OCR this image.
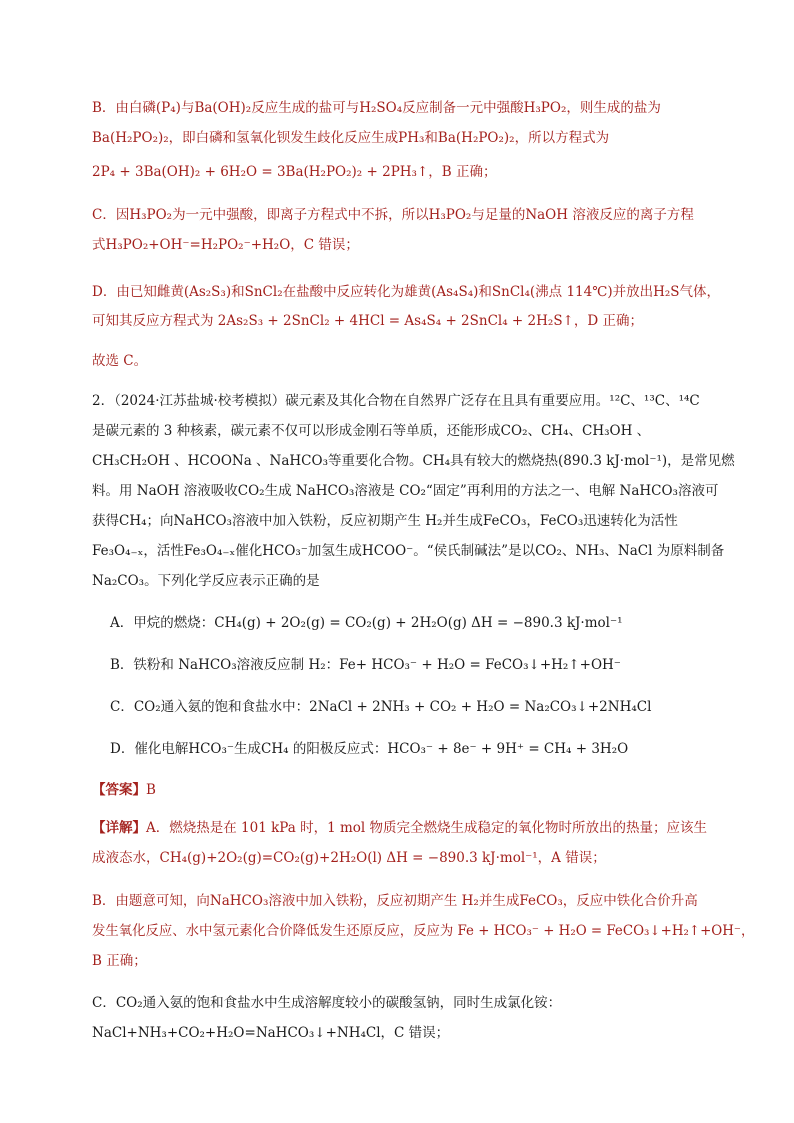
B．由白磷(P₄)与Ba(OH)₂反应生成的盐可与H₂SO₄反应制备一元中强酸H₃PO₂，则生成的盐为
Ba(H₂PO₂)₂，即白磷和氢氧化钡发生歧化反应生成PH₃和Ba(H₂PO₂)₂，所以方程式为
2P₄ + 3Ba(OH)₂ + 6H₂O = 3Ba(H₂PO₂)₂ + 2PH₃↑，B 正确；
C．因H₃PO₂为一元中强酸，即离子方程式中不拆，所以H₃PO₂与足量的NaOH 溶液反应的离子方程
式H₃PO₂+OH⁻=H₂PO₂⁻+H₂O，C 错误；
D．由已知雌黄(As₂S₃)和SnCl₂在盐酸中反应转化为雄黄(As₄S₄)和SnCl₄(沸点 114℃)并放出H₂S气体，
可知其反应方程式为 2As₂S₃ + 2SnCl₂ + 4HCl = As₄S₄ + 2SnCl₄ + 2H₂S↑，D 正确；
故选 C。
2．（2024·江苏盐城·校考模拟）碳元素及其化合物在自然界广泛存在且具有重要应用。¹²C、¹³C、¹⁴C
是碳元素的 3 种核素，碳元素不仅可以形成金刚石等单质，还能形成CO₂、CH₄、CH₃OH 、
CH₃CH₂OH 、HCOONa 、NaHCO₃等重要化合物。CH₄具有较大的燃烧热(890.3 kJ·mol⁻¹)，是常见燃
料。用 NaOH 溶液吸收CO₂生成 NaHCO₃溶液是 CO₂“固定”再利用的方法之一、电解 NaHCO₃溶液可
获得CH₄；向NaHCO₃溶液中加入铁粉，反应初期产生 H₂并生成FeCO₃，FeCO₃迅速转化为活性
Fe₃O₄₋ₓ，活性Fe₃O₄₋ₓ催化HCO₃⁻加氢生成HCOO⁻。“侯氏制碱法”是以CO₂、NH₃、NaCl 为原料制备
Na₂CO₃。下列化学反应表示正确的是
A．甲烷的燃烧：CH₄(g) + 2O₂(g) = CO₂(g) + 2H₂O(g) ΔH = −890.3 kJ·mol⁻¹
B．铁粉和 NaHCO₃溶液反应制 H₂：Fe+ HCO₃⁻ + H₂O = FeCO₃↓+H₂↑+OH⁻
C．CO₂通入氨的饱和食盐水中：2NaCl + 2NH₃ + CO₂ + H₂O = Na₂CO₃↓+2NH₄Cl
D．催化电解HCO₃⁻生成CH₄ 的阳极反应式：HCO₃⁻ + 8e⁻ + 9H⁺ = CH₄ + 3H₂O
【答案】B
【详解】A．燃烧热是在 101 kPa 时，1 mol 物质完全燃烧生成稳定的氧化物时所放出的热量；应该生
成液态水，CH₄(g)+2O₂(g)=CO₂(g)+2H₂O(l) ΔH = −890.3 kJ·mol⁻¹，A 错误；
B．由题意可知，向NaHCO₃溶液中加入铁粉，反应初期产生 H₂并生成FeCO₃，反应中铁化合价升高
发生氧化反应、水中氢元素化合价降低发生还原反应，反应为 Fe + HCO₃⁻ + H₂O = FeCO₃↓+H₂↑+OH⁻，
B 正确；
C．CO₂通入氨的饱和食盐水中生成溶解度较小的碳酸氢钠，同时生成氯化铵：
NaCl+NH₃+CO₂+H₂O=NaHCO₃↓+NH₄Cl，C 错误；
